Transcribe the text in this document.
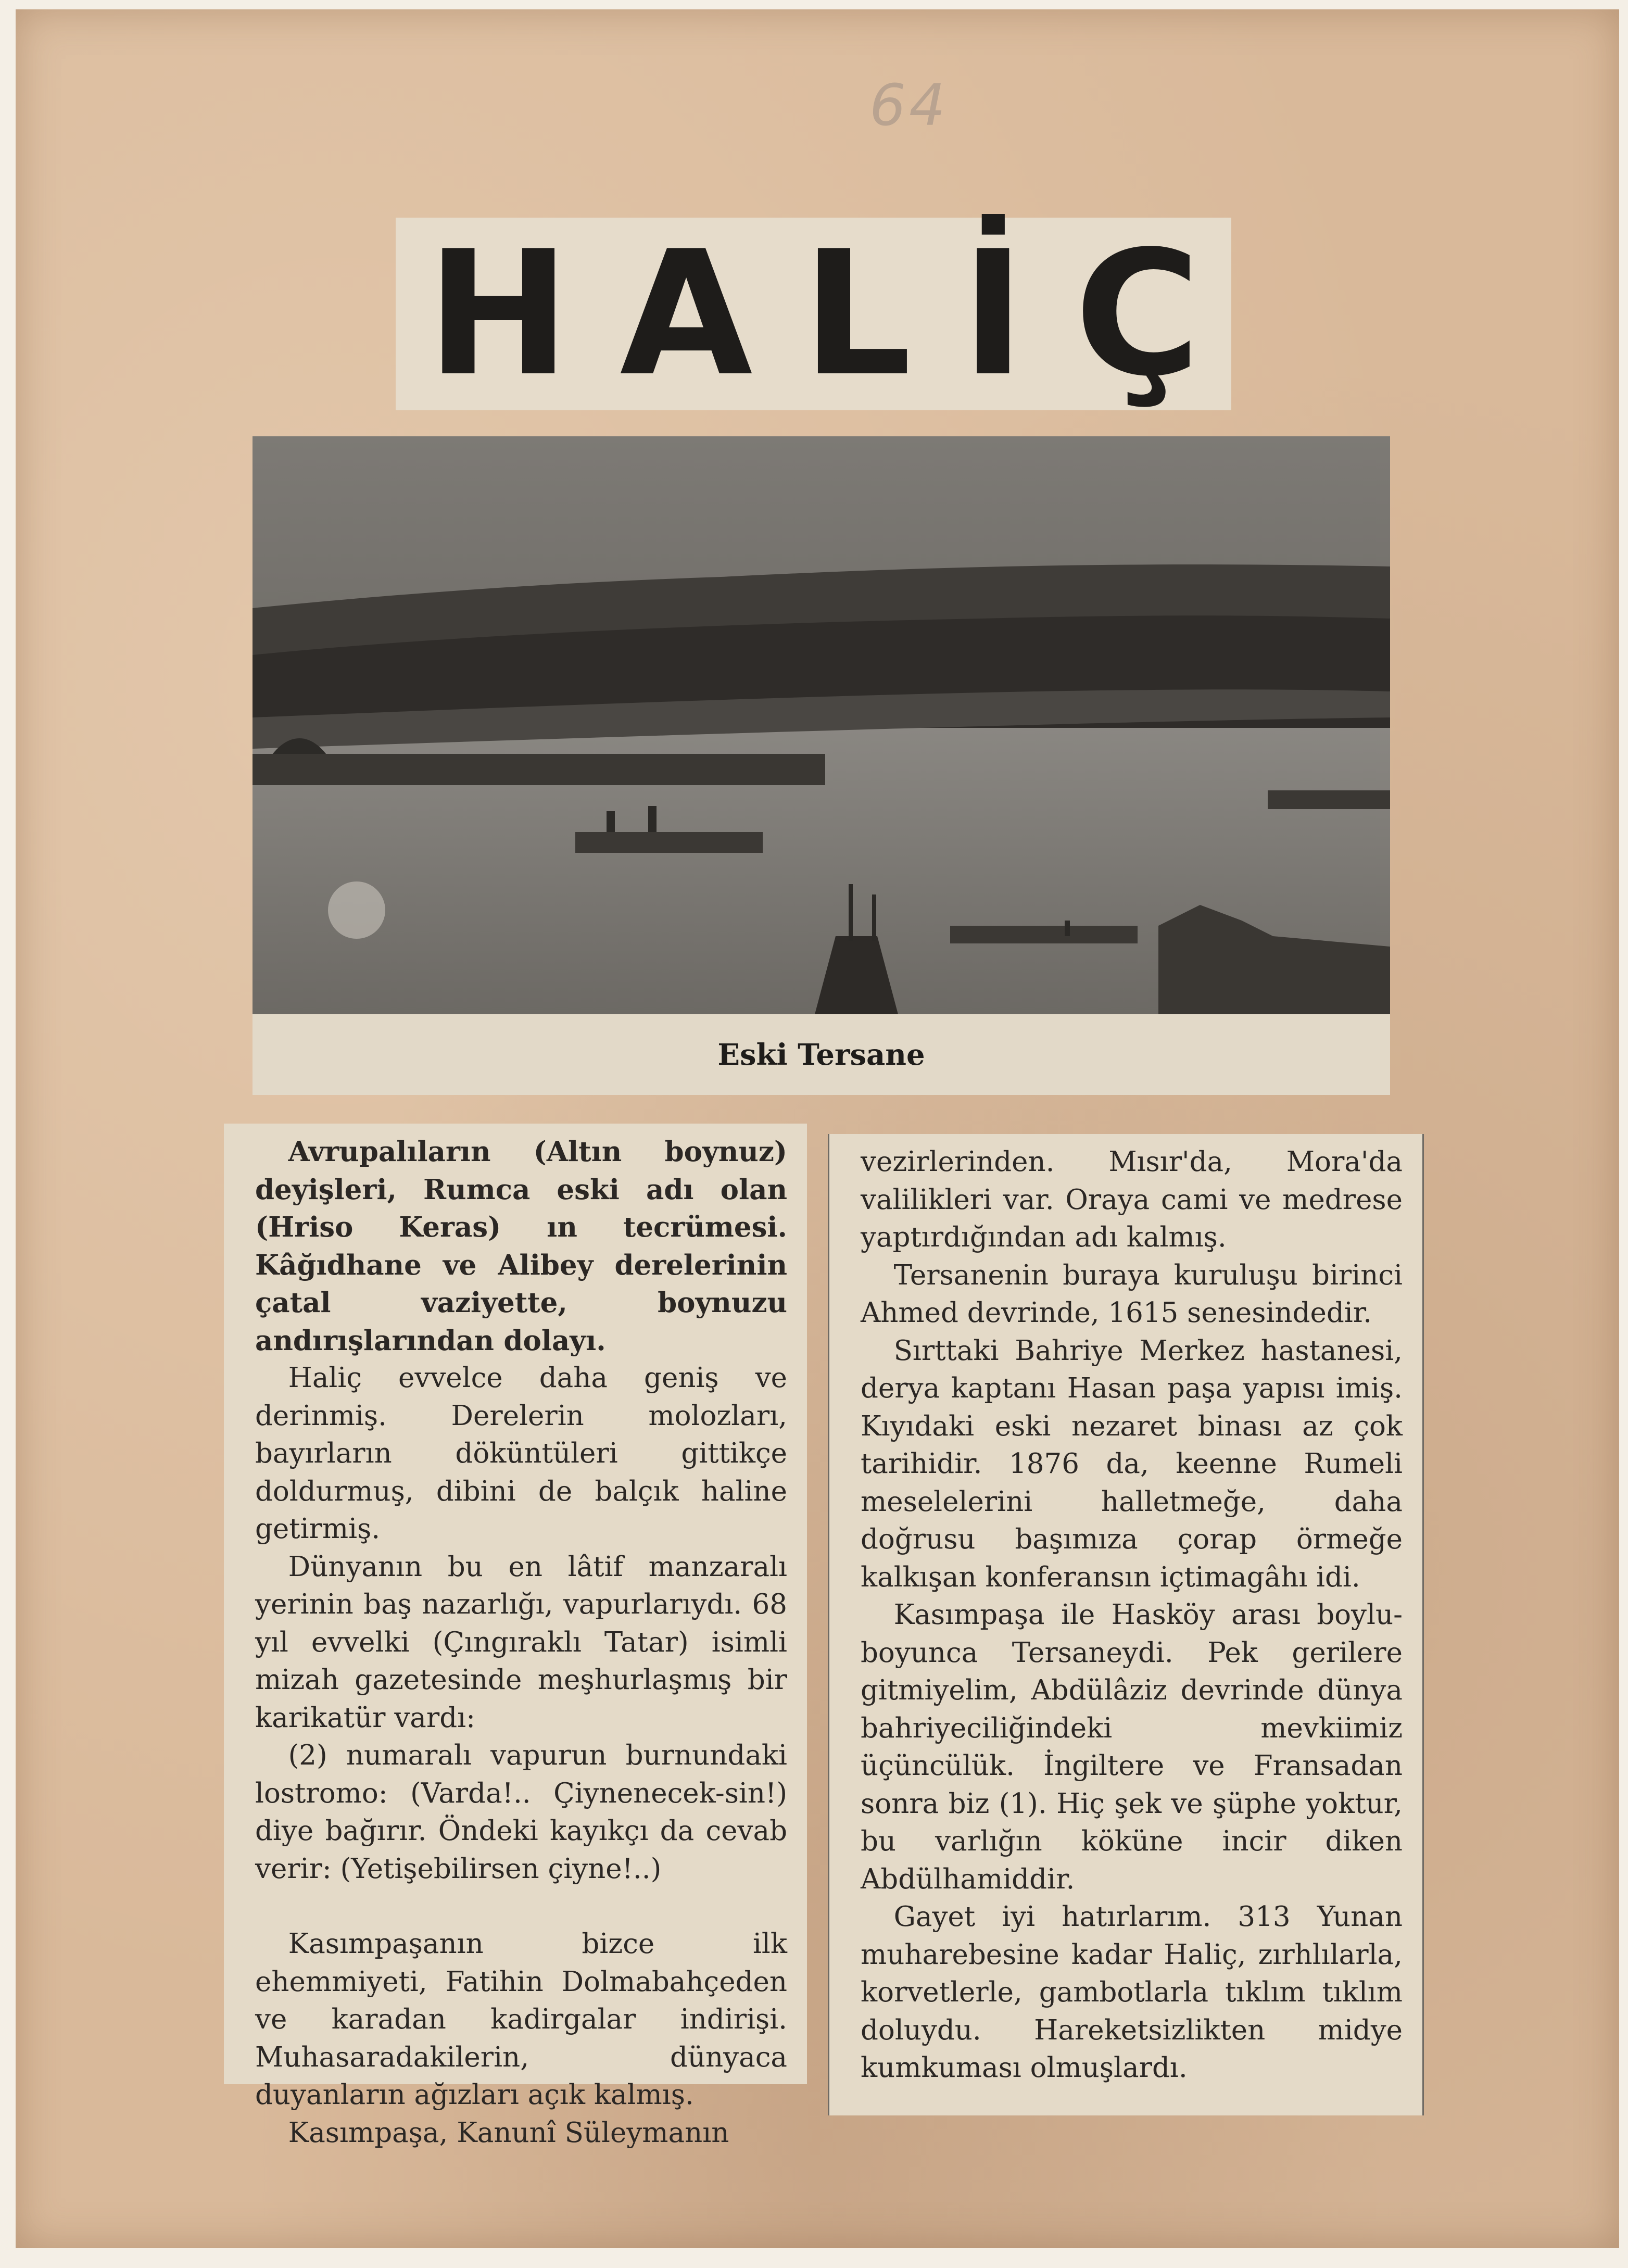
64
HALİÇ
Eski Tersane

Avrupalıların (Altın boynuz) deyişleri, Rumca eski adı olan (Hriso Keras) ın tecrümesi. Kâğıdhane ve Alibey derelerinin çatal vaziyette, boynuzu andırışlarından dolayı.

Haliç evvelce daha geniş ve derinmiş. Derelerin molozları, bayırların döküntüleri gittikçe doldurmuş, dibini de balçık haline getirmiş.

Dünyanın bu en lâtif manzaralı yerinin baş nazarlığı, vapurlarıydı. 68 yıl evvelki (Çıngıraklı Tatar) isimli mizah gazetesinde meşhurlaşmış bir karikatür vardı:

(2) numaralı vapurun burnundaki lostromo: (Varda!.. Çiynenecek-sin!) diye bağırır. Öndeki kayıkçı da cevab verir: (Yetişebilirsen çiyne!..)

Kasımpaşanın bizce ilk ehemmiyeti, Fatihin Dolmabahçeden ve karadan kadirgalar indirişi. Muhasaradakilerin, dünyaca duyanların ağızları açık kalmış.

Kasımpaşa, Kanunî Süleymanın

vezirlerinden. Mısır'da, Mora'da valilikleri var. Oraya cami ve medrese yaptırdığından adı kalmış.

Tersanenin buraya kuruluşu birinci Ahmed devrinde, 1615 senesindedir.

Sırttaki Bahriye Merkez hastanesi, derya kaptanı Hasan paşa yapısı imiş. Kıyıdaki eski nezaret binası az çok tarihidir. 1876 da, keenne Rumeli meselelerini halletmeğe, daha doğrusu başımıza çorap örmeğe kalkışan konferansın içtimagâhı idi.

Kasımpaşa ile Hasköy arası boylu-boyunca Tersaneydi. Pek gerilere gitmiyelim, Abdülâziz devrinde dünya bahriyeciliğindeki mevkiimiz üçüncülük. İngiltere ve Fransadan sonra biz (1). Hiç şek ve şüphe yoktur, bu varlığın köküne incir diken Abdülhamiddir.

Gayet iyi hatırlarım. 313 Yunan muharebesine kadar Haliç, zırhlılarla, korvetlerle, gambotlarla tıklım tıklım doluydu. Hareketsizlikten midye kumkuması olmuşlardı.
